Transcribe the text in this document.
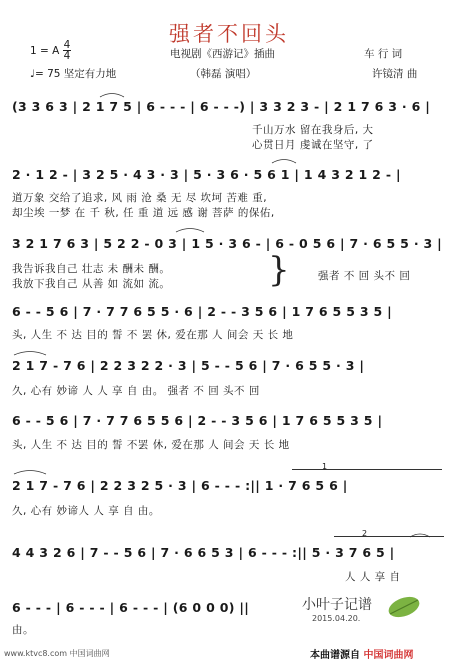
强者不回头
1 = A 4
4
♩= 75 坚定有力地
电视剧《西游记》插曲
（韩磊 演唱）
车 行 词
许镜清 曲
(3 3 6 3 | 2 1 7 5 | 6 - - - | 6 - - -) | 3 3 2 3 - | 2 1 7 6 3 · 6 |
千山万水 留在我身后, 大
心贯日月 虔诚在坚守, 了
2 · 1 2 - | 3 2 5 · 4 3 · 3 | 5 · 3 6 · 5 6 1 | 1 4 3 2 1 2 - |
道万象 交给了追求, 风 雨 沧 桑 无 尽 坎坷 苦难 重,
却尘埃 一梦 在 千 秋, 任 重 道 远 感 谢 菩萨 的保佑,
3 2 1 7 6 3 | 5 2 2 - 0 3 | 1 5 · 3 6 - | 6 - 0 5 6 | 7 · 6 5 5 · 3 |
我告诉我自己 壮志 未 酬未 酬。
我放下我自己 从善 如 流如 流。	}	强者 不 回 头不 回
6 - - 5 6 | 7 · 7 7 6 5 5 · 6 | 2 - - 3 5 6 | 1 7 6 5 5 3 5 |
头, 人生 不 达 目的 誓 不 罢 休, 爱在那 人 间会 天 长 地
2 1 7 - 7 6 | 2 2 3 2 2 · 3 | 5 - - 5 6 | 7 · 6 5 5 · 3 |
久, 心有 妙谛 人 人 享 自 由。 强者 不 回 头不 回
6 - - 5 6 | 7 · 7 7 6 5 5 6 | 2 - - 3 5 6 | 1 7 6 5 5 3 5 |
头, 人生 不 达 目的 誓 不罢 休, 爱在那 人 间会 天 长 地
1
2 1 7 - 7 6 | 2 2 3 2 5 · 3 | 6 - - - :|| 1 · 7 6 5 6 |
久, 心有 妙谛人 人 享 自 由。
2
4 4 3 2 6 | 7 - - 5 6 | 7 · 6 6 5 3 | 6 - - - :|| 5 · 3 7 6 5 |
人 人 享 自
6 - - - | 6 - - - | 6 - - - | (6 0 0 0) ||
由。
小叶子记谱
2015.04.20.
www.ktvc8.com 中国词曲网	本曲谱源自 中国词曲网
